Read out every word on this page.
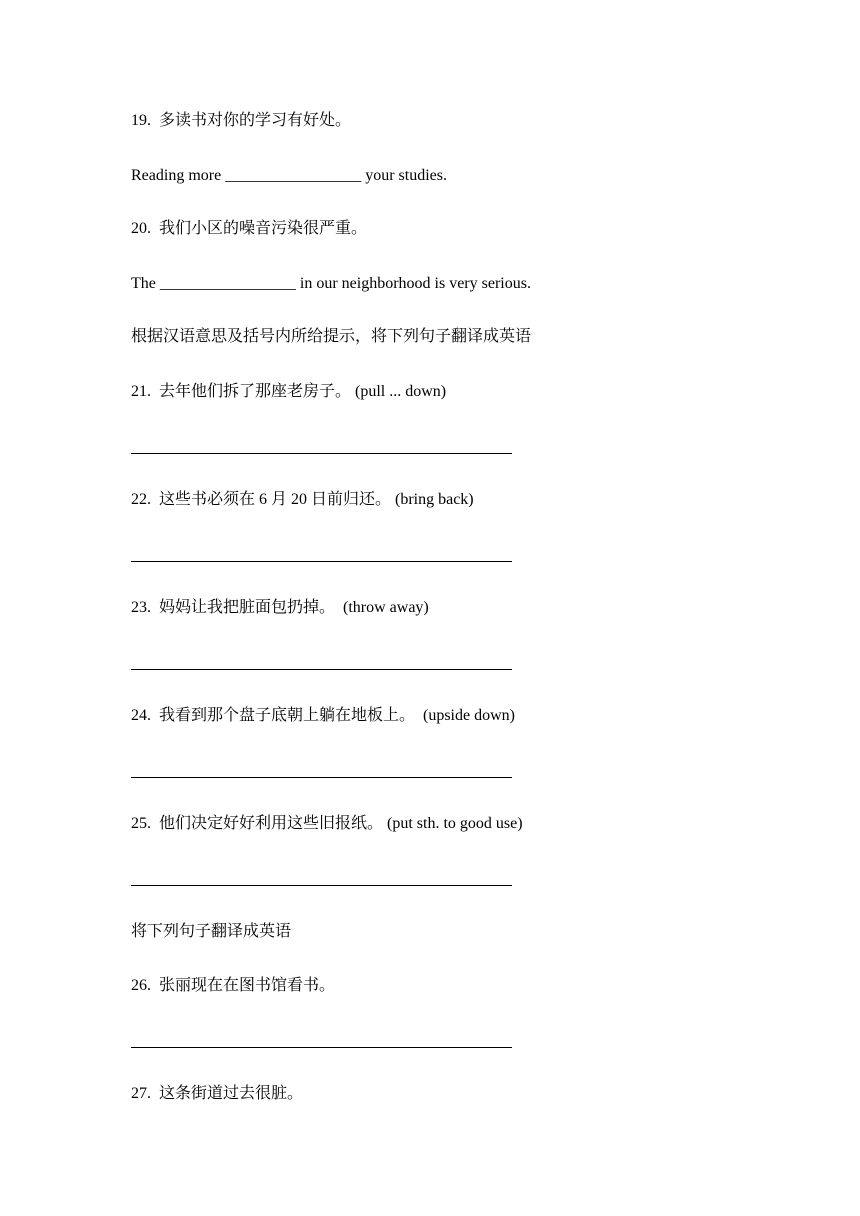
19.  多读书对你的学习有好处。
Reading more _________________ your studies.
20.  我们小区的噪音污染很严重。
The _________________ in our neighborhood is very serious.
根据汉语意思及括号内所给提示，将下列句子翻译成英语
21.  去年他们拆了那座老房子。 (pull ... down)
22.  这些书必须在 6 月 20 日前归还。 (bring back)
23.  妈妈让我把脏面包扔掉。  (throw away)
24.  我看到那个盘子底朝上躺在地板上。  (upside down)
25.  他们决定好好利用这些旧报纸。 (put sth. to good use)
将下列句子翻译成英语
26.  张丽现在在图书馆看书。
27.  这条街道过去很脏。
